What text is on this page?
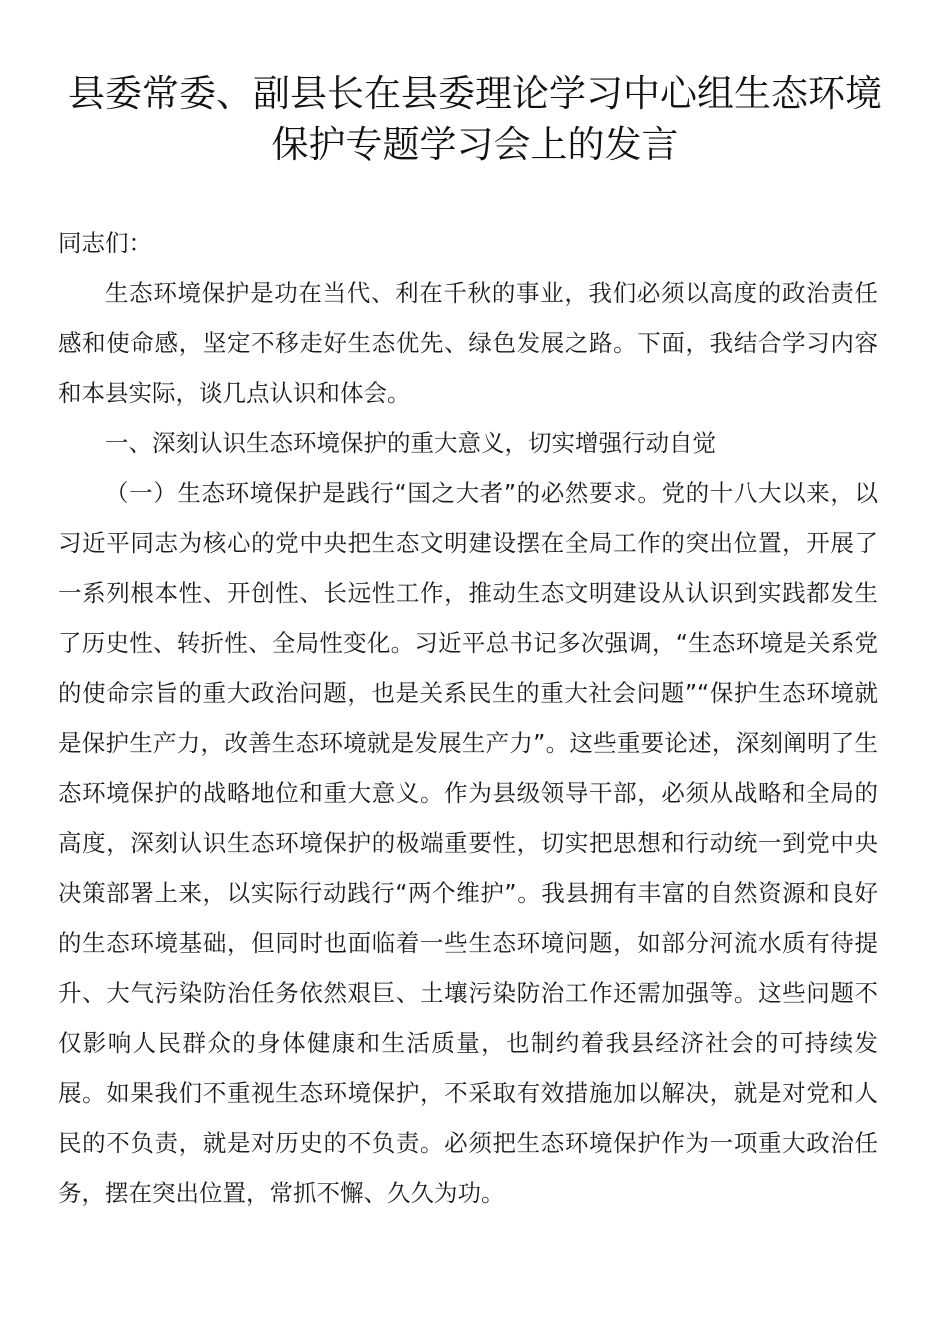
县委常委、副县长在县委理论学习中心组生态环境保护专题学习会上的发言

同志们：

生态环境保护是功在当代、利在千秋的事业，我们必须以高度的政治责任感和使命感，坚定不移走好生态优先、绿色发展之路。下面，我结合学习内容和本县实际，谈几点认识和体会。

一、深刻认识生态环境保护的重大意义，切实增强行动自觉

（一）生态环境保护是践行“国之大者”的必然要求。党的十八大以来，以习近平同志为核心的党中央把生态文明建设摆在全局工作的突出位置，开展了一系列根本性、开创性、长远性工作，推动生态文明建设从认识到实践都发生了历史性、转折性、全局性变化。习近平总书记多次强调，“生态环境是关系党的使命宗旨的重大政治问题，也是关系民生的重大社会问题”“保护生态环境就是保护生产力，改善生态环境就是发展生产力”。这些重要论述，深刻阐明了生态环境保护的战略地位和重大意义。作为县级领导干部，必须从战略和全局的高度，深刻认识生态环境保护的极端重要性，切实把思想和行动统一到党中央决策部署上来，以实际行动践行“两个维护”。我县拥有丰富的自然资源和良好的生态环境基础，但同时也面临着一些生态环境问题，如部分河流水质有待提升、大气污染防治任务依然艰巨、土壤污染防治工作还需加强等。这些问题不仅影响人民群众的身体健康和生活质量，也制约着我县经济社会的可持续发展。如果我们不重视生态环境保护，不采取有效措施加以解决，就是对党和人民的不负责，就是对历史的不负责。必须把生态环境保护作为一项重大政治任务，摆在突出位置，常抓不懈、久久为功。
